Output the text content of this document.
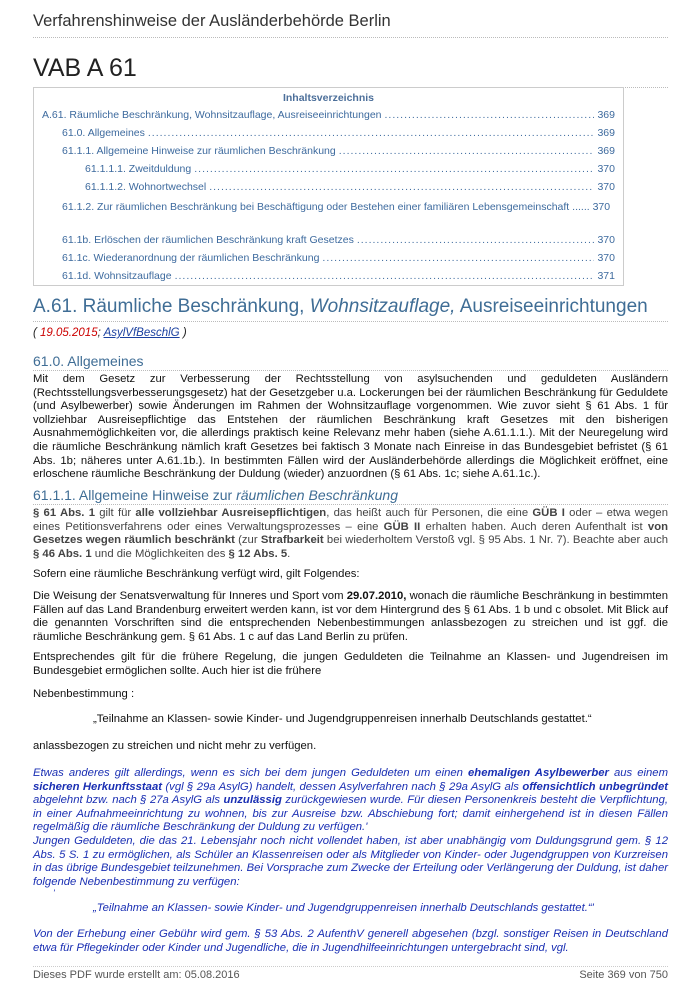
Verfahrenshinweise der Ausländerbehörde Berlin
VAB A 61
Inhaltsverzeichnis
A.61. Räumliche Beschränkung, Wohnsitzauflage, Ausreiseeinrichtungen .....	369
61.0. Allgemeines .....	369
61.1.1. Allgemeine Hinweise zur räumlichen Beschränkung .....	369
61.1.1.1. Zweitduldung .....	370
61.1.1.2. Wohnortwechsel .....	370
61.1.2. Zur räumlichen Beschränkung bei Beschäftigung oder Bestehen einer familiären Lebensgemeinschaft ...... 370
61.1b. Erlöschen der räumlichen Beschränkung kraft Gesetzes .....	370
61.1c. Wiederanordnung der räumlichen Beschränkung .....	370
61.1d. Wohnsitzauflage .....	371
A.61. Räumliche Beschränkung, Wohnsitzauflage, Ausreiseeinrichtungen
( 19.05.2015; AsylVfBeschlG )
61.0. Allgemeines
Mit dem Gesetz zur Verbesserung der Rechtsstellung von asylsuchenden und geduldeten Ausländern (Rechtsstellungsverbesserungsgesetz) hat der Gesetzgeber u.a. Lockerungen bei der räumlichen Beschränkung für Geduldete (und Asylbewerber) sowie Änderungen im Rahmen der Wohnsitzauflage vorgenommen. Wie zuvor sieht § 61 Abs. 1 für vollziehbar Ausreisepflichtige das Entstehen der räumlichen Beschränkung kraft Gesetzes mit den bisherigen Ausnahmemöglichkeiten vor, die allerdings praktisch keine Relevanz mehr haben (siehe A.61.1.1.). Mit der Neuregelung wird die räumliche Beschränkung nämlich kraft Gesetzes bei faktisch 3 Monate nach Einreise in das Bundesgebiet befristet (§ 61 Abs. 1b; näheres unter A.61.1b.). In bestimmten Fällen wird der Ausländerbehörde allerdings die Möglichkeit eröffnet, eine erloschene räumliche Beschränkung der Duldung (wieder) anzuordnen (§ 61 Abs. 1c; siehe A.61.1c.).
61.1.1. Allgemeine Hinweise zur räumlichen Beschränkung
§ 61 Abs. 1 gilt für alle vollziehbar Ausreisepflichtigen, das heißt auch für Personen, die eine GÜB I oder – etwa wegen eines Petitionsverfahrens oder eines Verwaltungsprozesses – eine GÜB II erhalten haben. Auch deren Aufenthalt ist von Gesetzes wegen räumlich beschränkt (zur Strafbarkeit bei wiederholtem Verstoß vgl. § 95 Abs. 1 Nr. 7). Beachte aber auch § 46 Abs. 1 und die Möglichkeiten des § 12 Abs. 5.
Sofern eine räumliche Beschränkung verfügt wird, gilt Folgendes:
Die Weisung der Senatsverwaltung für Inneres und Sport vom 29.07.2010, wonach die räumliche Beschränkung in bestimmten Fällen auf das Land Brandenburg erweitert werden kann, ist vor dem Hintergrund des § 61 Abs. 1 b und c obsolet. Mit Blick auf die genannten Vorschriften sind die entsprechenden Nebenbestimmungen anlassbezogen zu streichen und ist ggf. die räumliche Beschränkung gem. § 61 Abs. 1 c auf das Land Berlin zu prüfen.
Entsprechendes gilt für die frühere Regelung, die jungen Geduldeten die Teilnahme an Klassen- und Jugendreisen im Bundesgebiet ermöglichen sollte. Auch hier ist die frühere
Nebenbestimmung :
„Teilnahme an Klassen- sowie Kinder- und Jugendgruppenreisen innerhalb Deutschlands gestattet.“
anlassbezogen zu streichen und nicht mehr zu verfügen.
Etwas anderes gilt allerdings, wenn es sich bei dem jungen Geduldeten um einen ehemaligen Asylbewerber aus einem sicheren Herkunftsstaat (vgl § 29a AsylG) handelt, dessen Asylverfahren nach § 29a AsylG als offensichtlich unbegründet abgelehnt bzw. nach § 27a AsylG als unzulässig zurückgewiesen wurde. Für diesen Personenkreis besteht die Verpflichtung, in einer Aufnahmeeinrichtung zu wohnen, bis zur Ausreise bzw. Abschiebung fort; damit einhergehend ist in diesen Fällen regelmäßig die räumliche Beschränkung der Duldung zu verfügen.'
Jungen Geduldeten, die das 21. Lebensjahr noch nicht vollendet haben, ist aber unabhängig vom Duldungsgrund gem. § 12 Abs. 5 S. 1 zu ermöglichen, als Schüler an Klassenreisen oder als Mitglieder von Kinder- oder Jugendgruppen von Kurzreisen in das übrige Bundesgebiet teilzunehmen. Bei Vorsprache zum Zwecke der Erteilung oder Verlängerung der Duldung, ist daher folgende Nebenbestimmung zu verfügen:
'
„Teilnahme an Klassen- sowie Kinder- und Jugendgruppenreisen innerhalb Deutschlands gestattet.“'
Von der Erhebung einer Gebühr wird gem. § 53 Abs. 2 AufenthV generell abgesehen (bzgl. sonstiger Reisen in Deutschland etwa für Pflegekinder oder Kinder und Jugendliche, die in Jugendhilfeeinrichtungen untergebracht sind, vgl.
Dieses PDF wurde erstellt am: 05.08.2016	Seite 369 von 750
